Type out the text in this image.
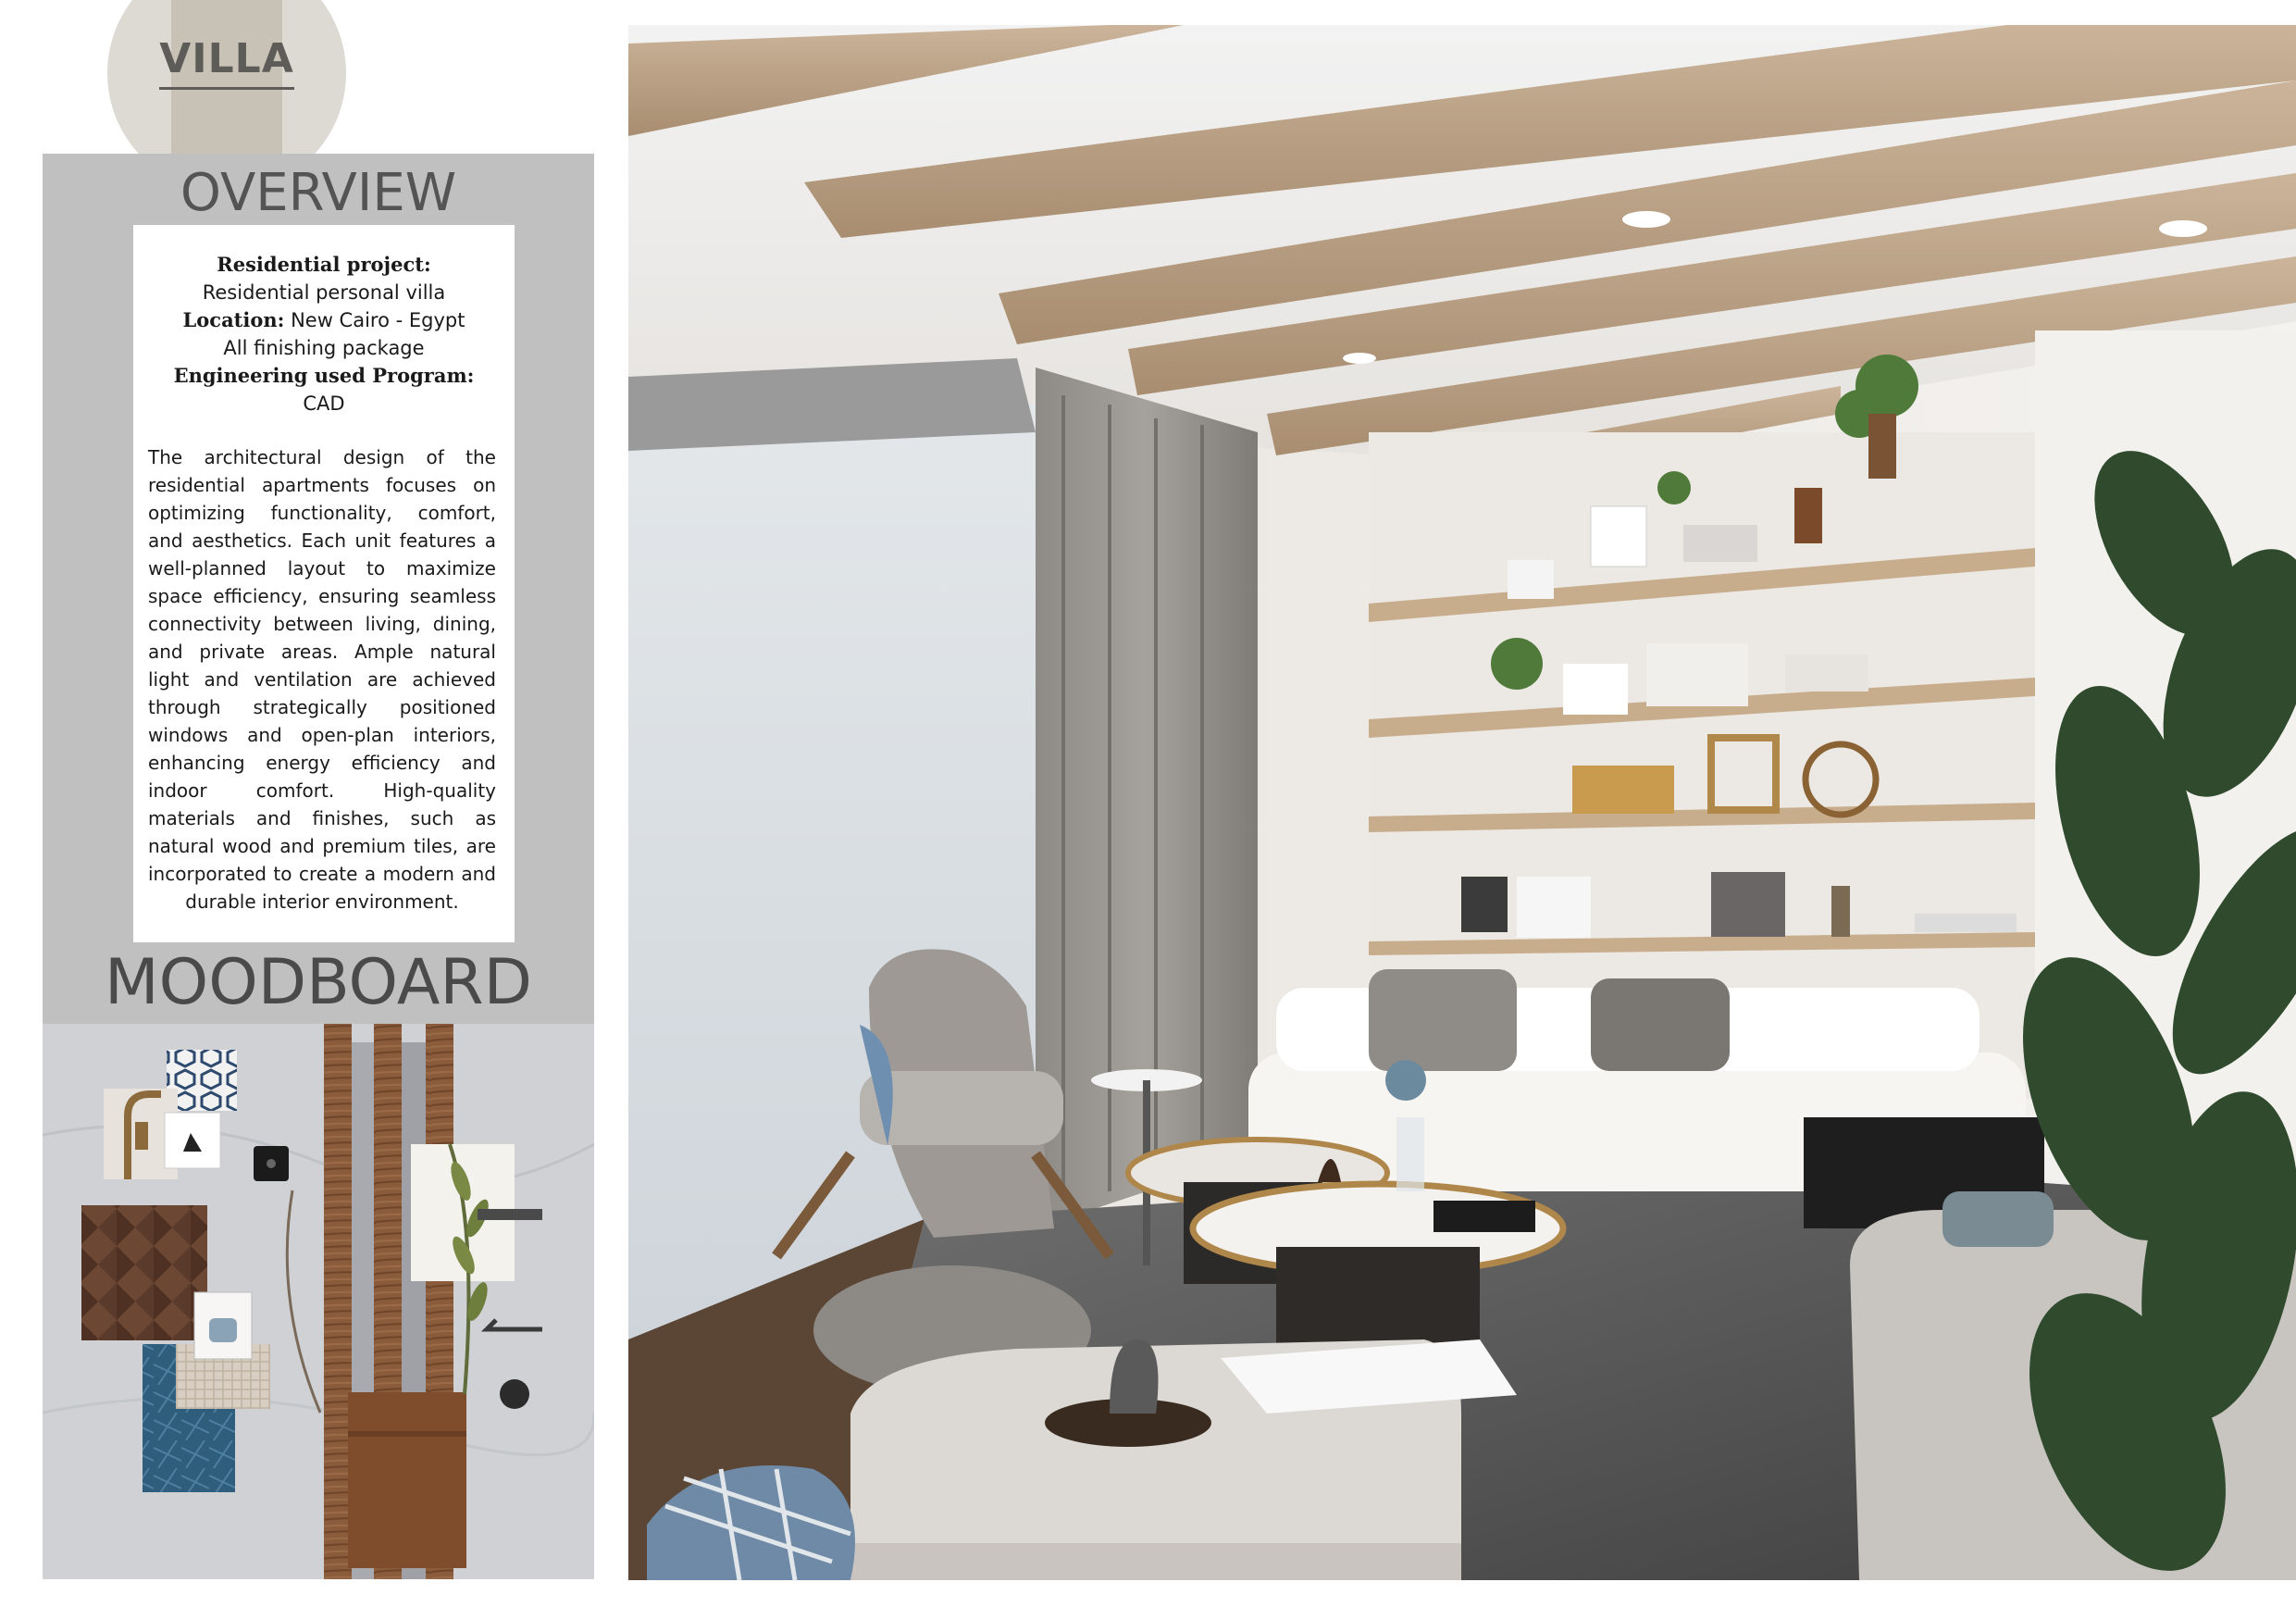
VILLA
OVERVIEW
Residential project:
Residential personal villa
Location: New Cairo - Egypt
All finishing package
Engineering used Program:
CAD
The architectural design of the residential apartments focuses on optimizing functionality, comfort, and aesthetics. Each unit features a well-planned layout to maximize space efficiency, ensuring seamless connectivity between living, dining, and private areas. Ample natural light and ventilation are achieved through strategically positioned windows and open-plan interiors, enhancing energy efficiency and indoor comfort. High-quality materials and finishes, such as natural wood and premium tiles, are incorporated to create a modern and durable interior environment.
MOODBOARD
